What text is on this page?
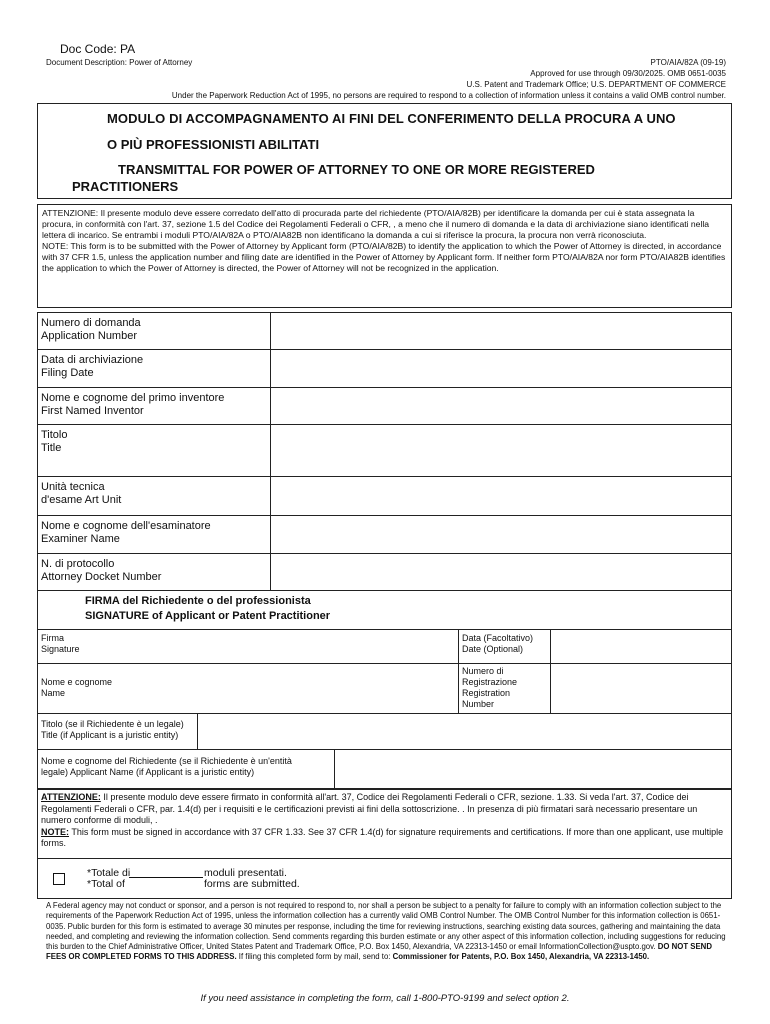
Doc Code: PA
Document Description: Power of Attorney	PTO/AIA/82A (09-19)
Approved for use through 09/30/2025. OMB 0651-0035
U.S. Patent and Trademark Office; U.S. DEPARTMENT OF COMMERCE
Under the Paperwork Reduction Act of 1995, no persons are required to respond to a collection of information unless it contains a valid OMB control number.
MODULO DI ACCOMPAGNAMENTO AI FINI DEL CONFERIMENTO DELLA PROCURA A UNO
O PIÙ PROFESSIONISTI ABILITATI
TRANSMITTAL FOR POWER OF ATTORNEY TO ONE OR MORE REGISTERED
PRACTITIONERS

ATTENZIONE: Il presente modulo deve essere corredato dell'atto di procurada parte del richiedente (PTO/AIA/82B) per identificare la domanda per cui è stata assegnata la procura, in conformità con l'art. 37, sezione 1.5 del Codice dei Regolamenti Federali o CFR, , a meno che il numero di domanda e la data di archiviazione siano identificati nella lettera di incarico. Se entrambi i moduli PTO/AIA/82A o PTO/AIA82B non identificano la domanda a cui si riferisce la procura, la procura non verrà riconosciuta.

NOTE: This form is to be submitted with the Power of Attorney by Applicant form (PTO/AIA/82B) to identify the application to which the Power of Attorney is directed, in accordance with 37 CFR 1.5, unless the application number and filing date are identified in the Power of Attorney by Applicant form. If neither form PTO/AIA/82A nor form PTO/AIA82B identifies the application to which the Power of Attorney is directed, the Power of Attorney will not be recognized in the application.

Numero di domanda
Application Number
Data di archiviazione
Filing Date
Nome e cognome del primo inventore
First Named Inventor
Titolo
Title
Unità tecnica
d'esame Art Unit
Nome e cognome dell'esaminatore
Examiner Name
N. di protocollo
Attorney Docket Number
FIRMA del Richiedente o del professionista
SIGNATURE of Applicant or Patent Practitioner
Firma
Signature
Data (Facoltativo)
Date (Optional)
Nome e cognome
Name
Numero di
Registrazione
Registration
Number
Titolo (se il Richiedente è un legale)
Title (if Applicant is a juristic entity)
Nome e cognome del Richiedente (se il Richiedente è un'entità
legale) Applicant Name (if Applicant is a juristic entity)

ATTENZIONE: Il presente modulo deve essere firmato in conformità all'art. 37, Codice dei Regolamenti Federali o CFR, sezione. 1.33. Si veda l'art. 37, Codice dei Regolamenti Federali o CFR, par. 1.4(d) per i requisiti e le certificazioni previsti ai fini della sottoscrizione. . In presenza di più firmatari sarà necessario presentare un numero conforme di moduli, .

NOTE: This form must be signed in accordance with 37 CFR 1.33. See 37 CFR 1.4(d) for signature requirements and certifications. If more than one applicant, use multiple forms.

*Totale di
*Total of
moduli presentati.
forms are submitted.

A Federal agency may not conduct or sponsor, and a person is not required to respond to, nor shall a person be subject to a penalty for failure to comply with an information collection subject to the requirements of the Paperwork Reduction Act of 1995, unless the information collection has a currently valid OMB Control Number. The OMB Control Number for this information collection is 0651-0035. Public burden for this form is estimated to average 30 minutes per response, including the time for reviewing instructions, searching existing data sources, gathering and maintaining the data needed, and completing and reviewing the information collection. Send comments regarding this burden estimate or any other aspect of this information collection, including suggestions for reducing this burden to the Chief Administrative Officer, United States Patent and Trademark Office, P.O. Box 1450, Alexandria, VA 22313-1450 or email InformationCollection@uspto.gov. DO NOT SEND FEES OR COMPLETED FORMS TO THIS ADDRESS. If filing this completed form by mail, send to: Commissioner for Patents, P.O. Box 1450, Alexandria, VA 22313-1450.

If you need assistance in completing the form, call 1-800-PTO-9199 and select option 2.
